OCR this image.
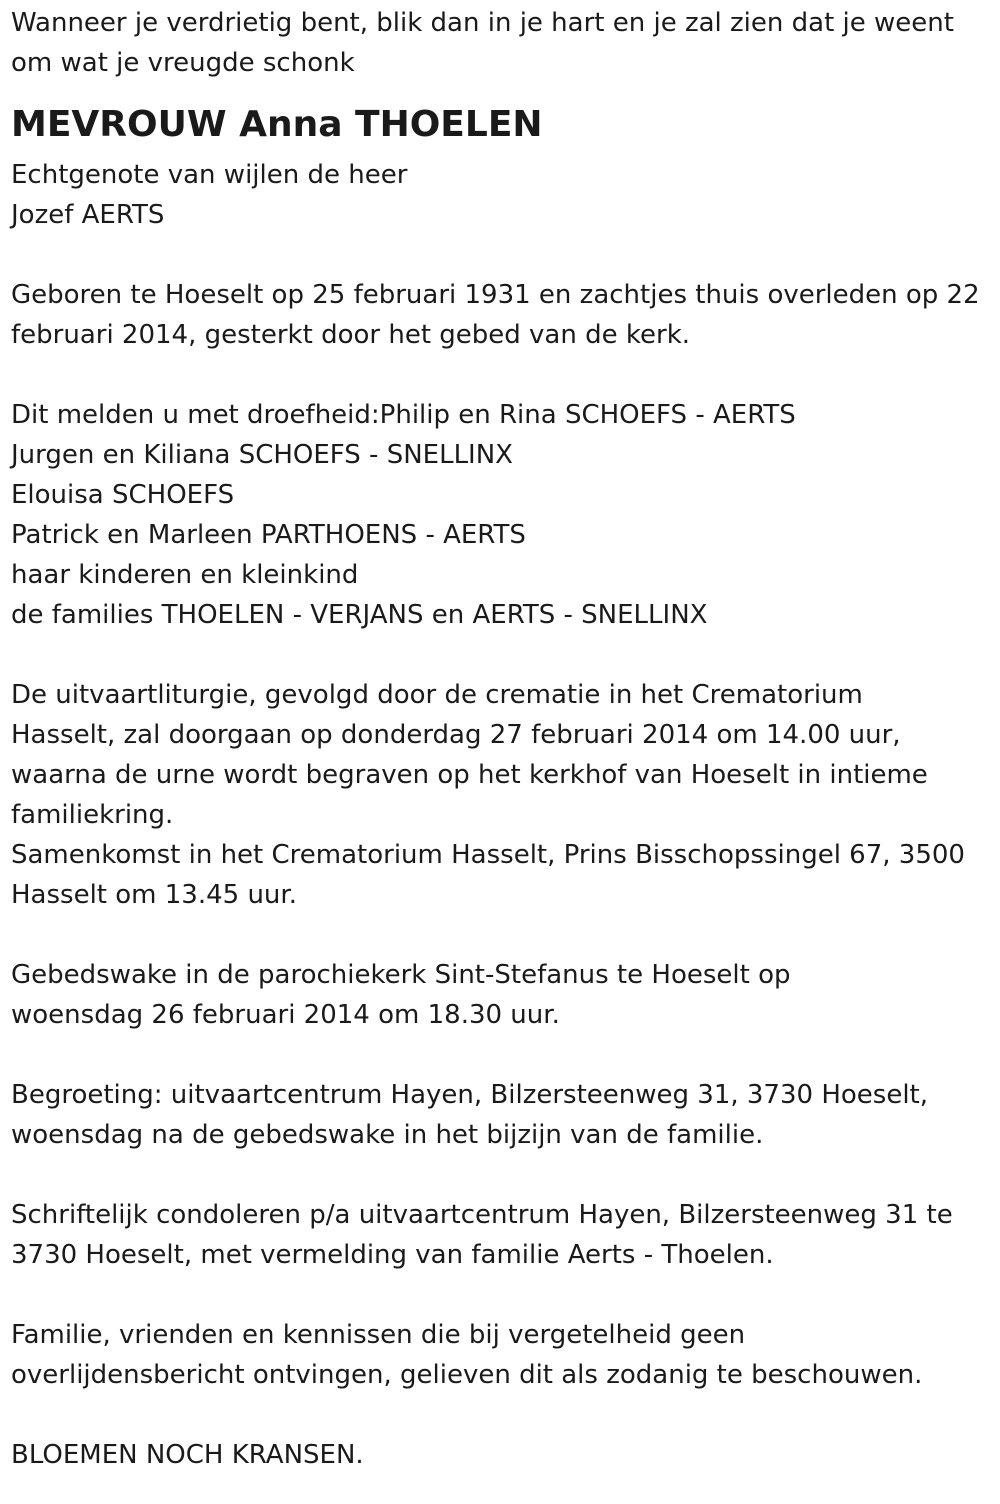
Wanneer je verdrietig bent, blik dan in je hart en je zal zien dat je weent
om wat je vreugde schonk
MEVROUW Anna THOELEN
Echtgenote van wijlen de heer
Jozef AERTS
Geboren te Hoeselt op 25 februari 1931 en zachtjes thuis overleden op 22
februari 2014, gesterkt door het gebed van de kerk.
Dit melden u met droefheid:Philip en Rina SCHOEFS - AERTS
Jurgen en Kiliana SCHOEFS - SNELLINX
Elouisa SCHOEFS
Patrick en Marleen PARTHOENS - AERTS
haar kinderen en kleinkind
de families THOELEN - VERJANS en AERTS - SNELLINX
De uitvaartliturgie, gevolgd door de crematie in het Crematorium
Hasselt, zal doorgaan op donderdag 27 februari 2014 om 14.00 uur,
waarna de urne wordt begraven op het kerkhof van Hoeselt in intieme
familiekring.
Samenkomst in het Crematorium Hasselt, Prins Bisschopssingel 67, 3500
Hasselt om 13.45 uur.
Gebedswake in de parochiekerk Sint-Stefanus te Hoeselt op
woensdag 26 februari 2014 om 18.30 uur.
Begroeting: uitvaartcentrum Hayen, Bilzersteenweg 31, 3730 Hoeselt,
woensdag na de gebedswake in het bijzijn van de familie.
Schriftelijk condoleren p/a uitvaartcentrum Hayen, Bilzersteenweg 31 te
3730 Hoeselt, met vermelding van familie Aerts - Thoelen.
Familie, vrienden en kennissen die bij vergetelheid geen
overlijdensbericht ontvingen, gelieven dit als zodanig te beschouwen.
BLOEMEN NOCH KRANSEN.
